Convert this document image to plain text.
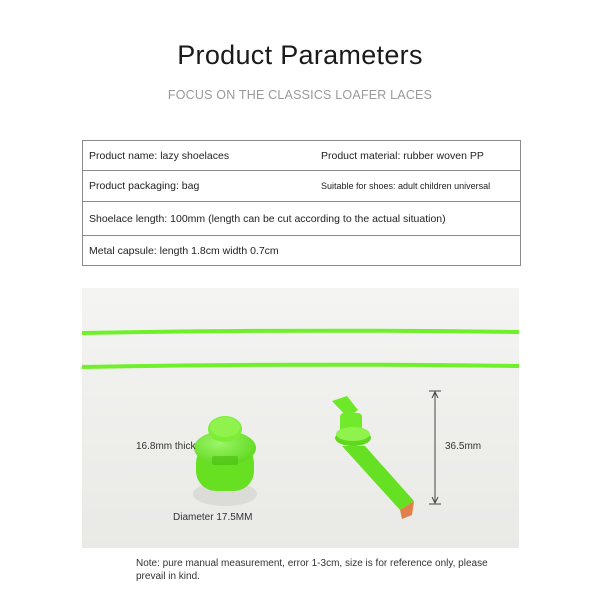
Product Parameters
FOCUS ON THE CLASSICS LOAFER LACES
Product name: lazy shoelaces	Product material: rubber woven PP
Product packaging: bag	Suitable for shoes: adult children universal
Shoelace length: 100mm (length can be cut according to the actual situation)
Metal capsule: length 1.8cm width 0.7cm
16.8mm thick
Diameter 17.5MM
36.5mm
Note: pure manual measurement, error 1-3cm, size is for reference only, please prevail in kind.
